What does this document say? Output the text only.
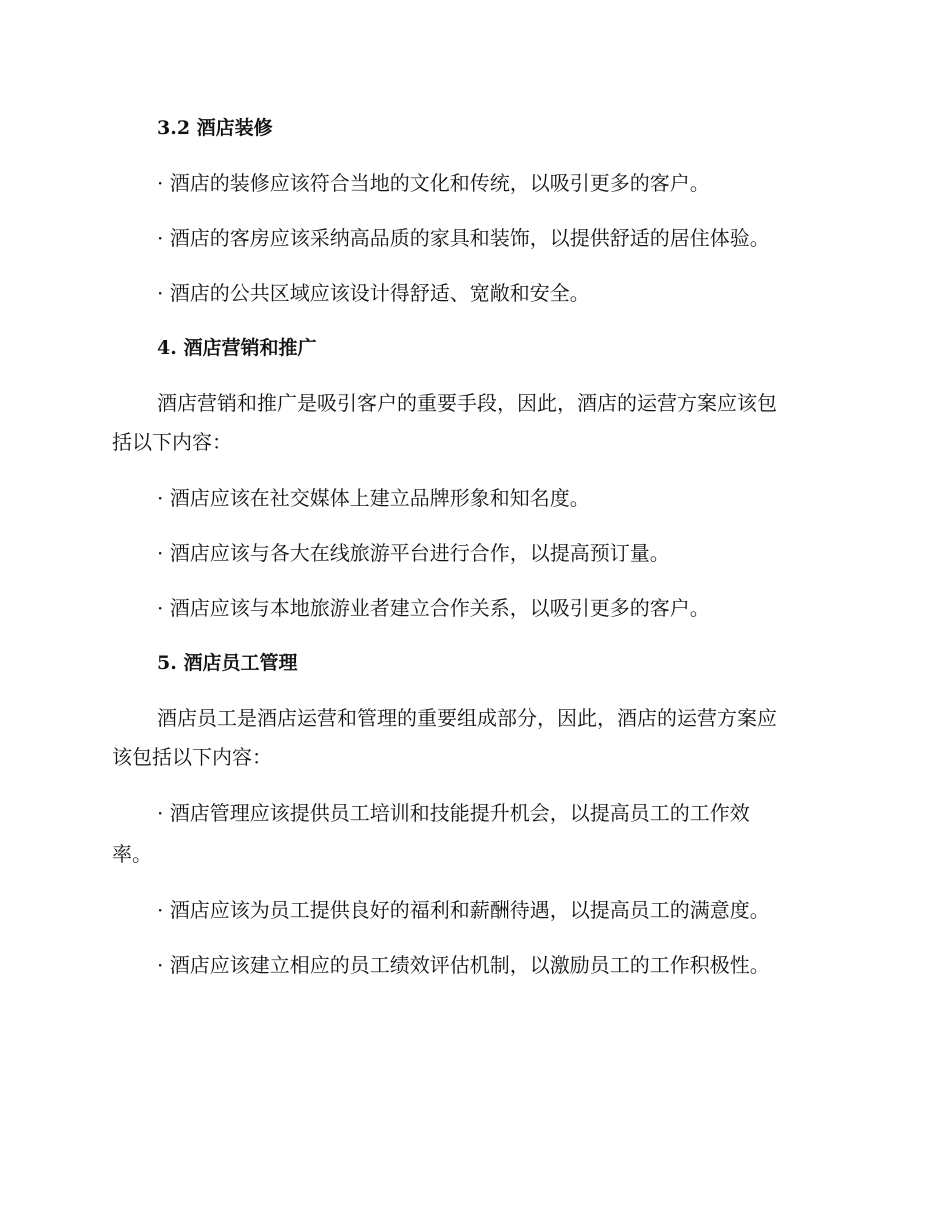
3.2 酒店装修
· 酒店的装修应该符合当地的文化和传统，以吸引更多的客户。
· 酒店的客房应该采纳高品质的家具和装饰，以提供舒适的居住体验。
· 酒店的公共区域应该设计得舒适、宽敞和安全。
4. 酒店营销和推广
酒店营销和推广是吸引客户的重要手段，因此，酒店的运营方案应该包
括以下内容：
· 酒店应该在社交媒体上建立品牌形象和知名度。
· 酒店应该与各大在线旅游平台进行合作，以提高预订量。
· 酒店应该与本地旅游业者建立合作关系，以吸引更多的客户。
5. 酒店员工管理
酒店员工是酒店运营和管理的重要组成部分，因此，酒店的运营方案应
该包括以下内容：
· 酒店管理应该提供员工培训和技能提升机会，以提高员工的工作效
率。
· 酒店应该为员工提供良好的福利和薪酬待遇，以提高员工的满意度。
· 酒店应该建立相应的员工绩效评估机制，以激励员工的工作积极性。
